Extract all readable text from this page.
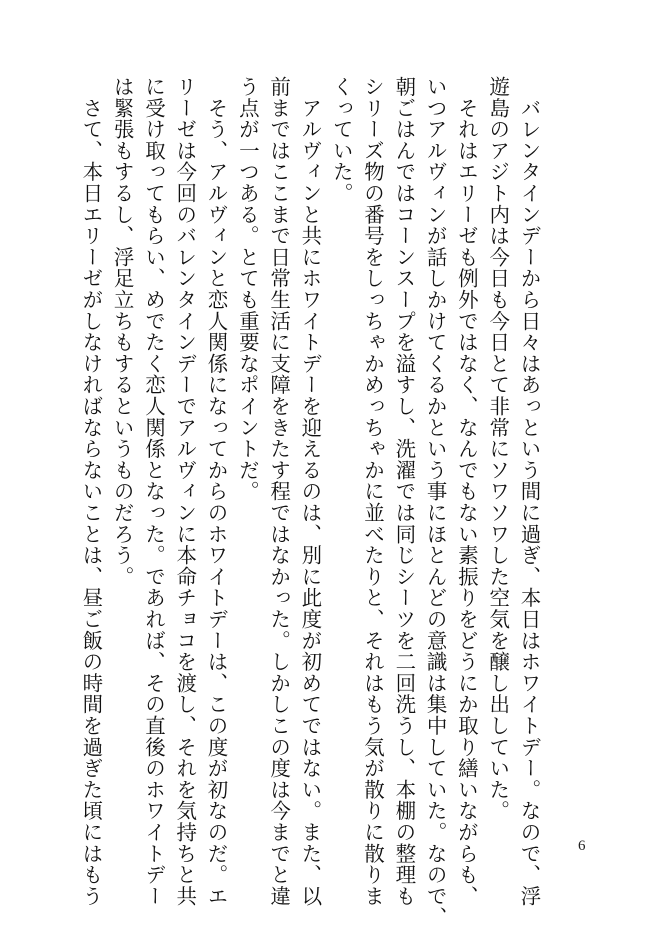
　バレンタインデーから日々はあっという間に過ぎ、本日はホワイトデー。なので、浮
遊島のアジト内は今日も今日とて非常にソワソワした空気を醸し出していた。
　それはエリーゼも例外ではなく、なんでもない素振りをどうにか取り繕いながらも、
いつアルヴィンが話しかけてくるかという事にほとんどの意識は集中していた。なので、
朝ごはんではコーンスープを溢すし、洗濯では同じシーツを二回洗うし、本棚の整理も
シリーズ物の番号をしっちゃかめっちゃかに並べたりと、それはもう気が散りに散りま
くっていた。
　アルヴィンと共にホワイトデーを迎えるのは、別に此度が初めてではない。また、以
前まではここまで日常生活に支障をきたす程ではなかった。しかしこの度は今までと違
う点が一つある。とても重要なポイントだ。
　そう、アルヴィンと恋人関係になってからのホワイトデーは、この度が初なのだ。エ
リーゼは今回のバレンタインデーでアルヴィンに本命チョコを渡し、それを気持ちと共
に受け取ってもらい、めでたく恋人関係となった。であれば、その直後のホワイトデー
は緊張もするし、浮足立ちもするというものだろう。
　さて、本日エリーゼがしなければならないことは、昼ご飯の時間を過ぎた頃にはもう	6
